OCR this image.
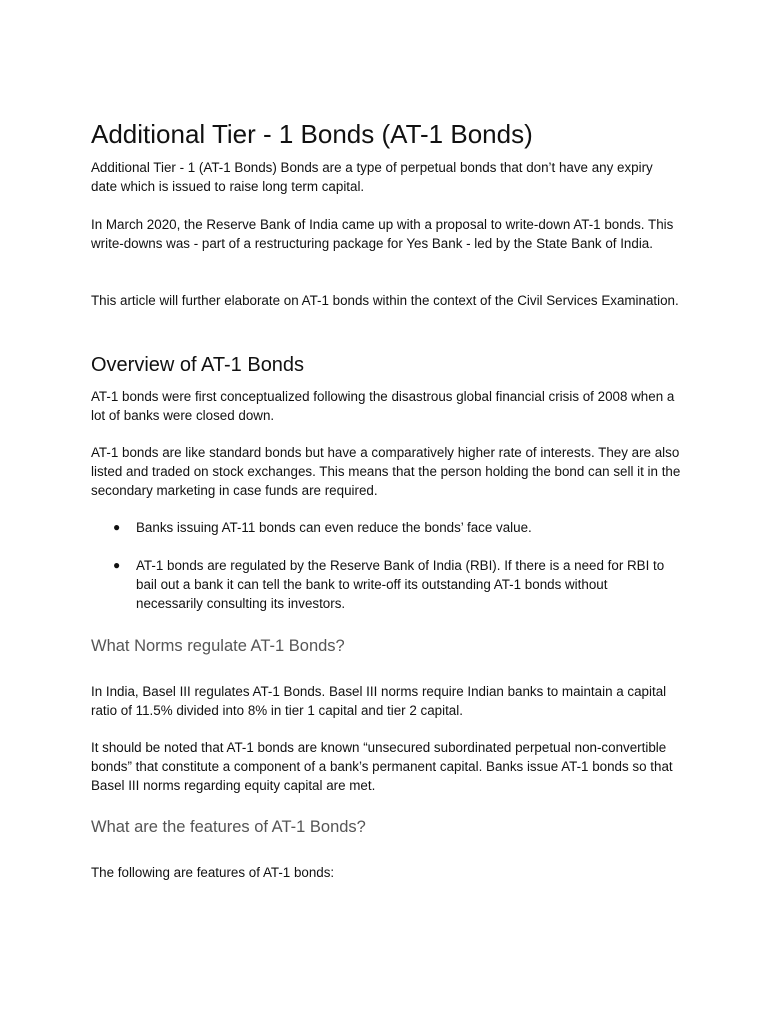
Additional Tier - 1 Bonds (AT-1 Bonds)

Additional Tier - 1 (AT-1 Bonds) Bonds are a type of perpetual bonds that don’t have any expiry date which is issued to raise long term capital.

In March 2020, the Reserve Bank of India came up with a proposal to write-down AT-1 bonds. This write-downs was - part of a restructuring package for Yes Bank - led by the State Bank of India.

This article will further elaborate on AT-1 bonds within the context of the Civil Services Examination.

Overview of AT-1 Bonds

AT-1 bonds were first conceptualized following the disastrous global financial crisis of 2008 when a lot of banks were closed down.

AT-1 bonds are like standard bonds but have a comparatively higher rate of interests. They are also listed and traded on stock exchanges. This means that the person holding the bond can sell it in the secondary marketing in case funds are required.

● Banks issuing AT-11 bonds can even reduce the bonds’ face value.

● AT-1 bonds are regulated by the Reserve Bank of India (RBI). If there is a need for RBI to bail out a bank it can tell the bank to write-off its outstanding AT-1 bonds without necessarily consulting its investors.

What Norms regulate AT-1 Bonds?

In India, Basel III regulates AT-1 Bonds. Basel III norms require Indian banks to maintain a capital ratio of 11.5% divided into 8% in tier 1 capital and tier 2 capital.

It should be noted that AT-1 bonds are known “unsecured subordinated perpetual non-convertible bonds” that constitute a component of a bank’s permanent capital. Banks issue AT-1 bonds so that Basel III norms regarding equity capital are met.

What are the features of AT-1 Bonds?

The following are features of AT-1 bonds:
